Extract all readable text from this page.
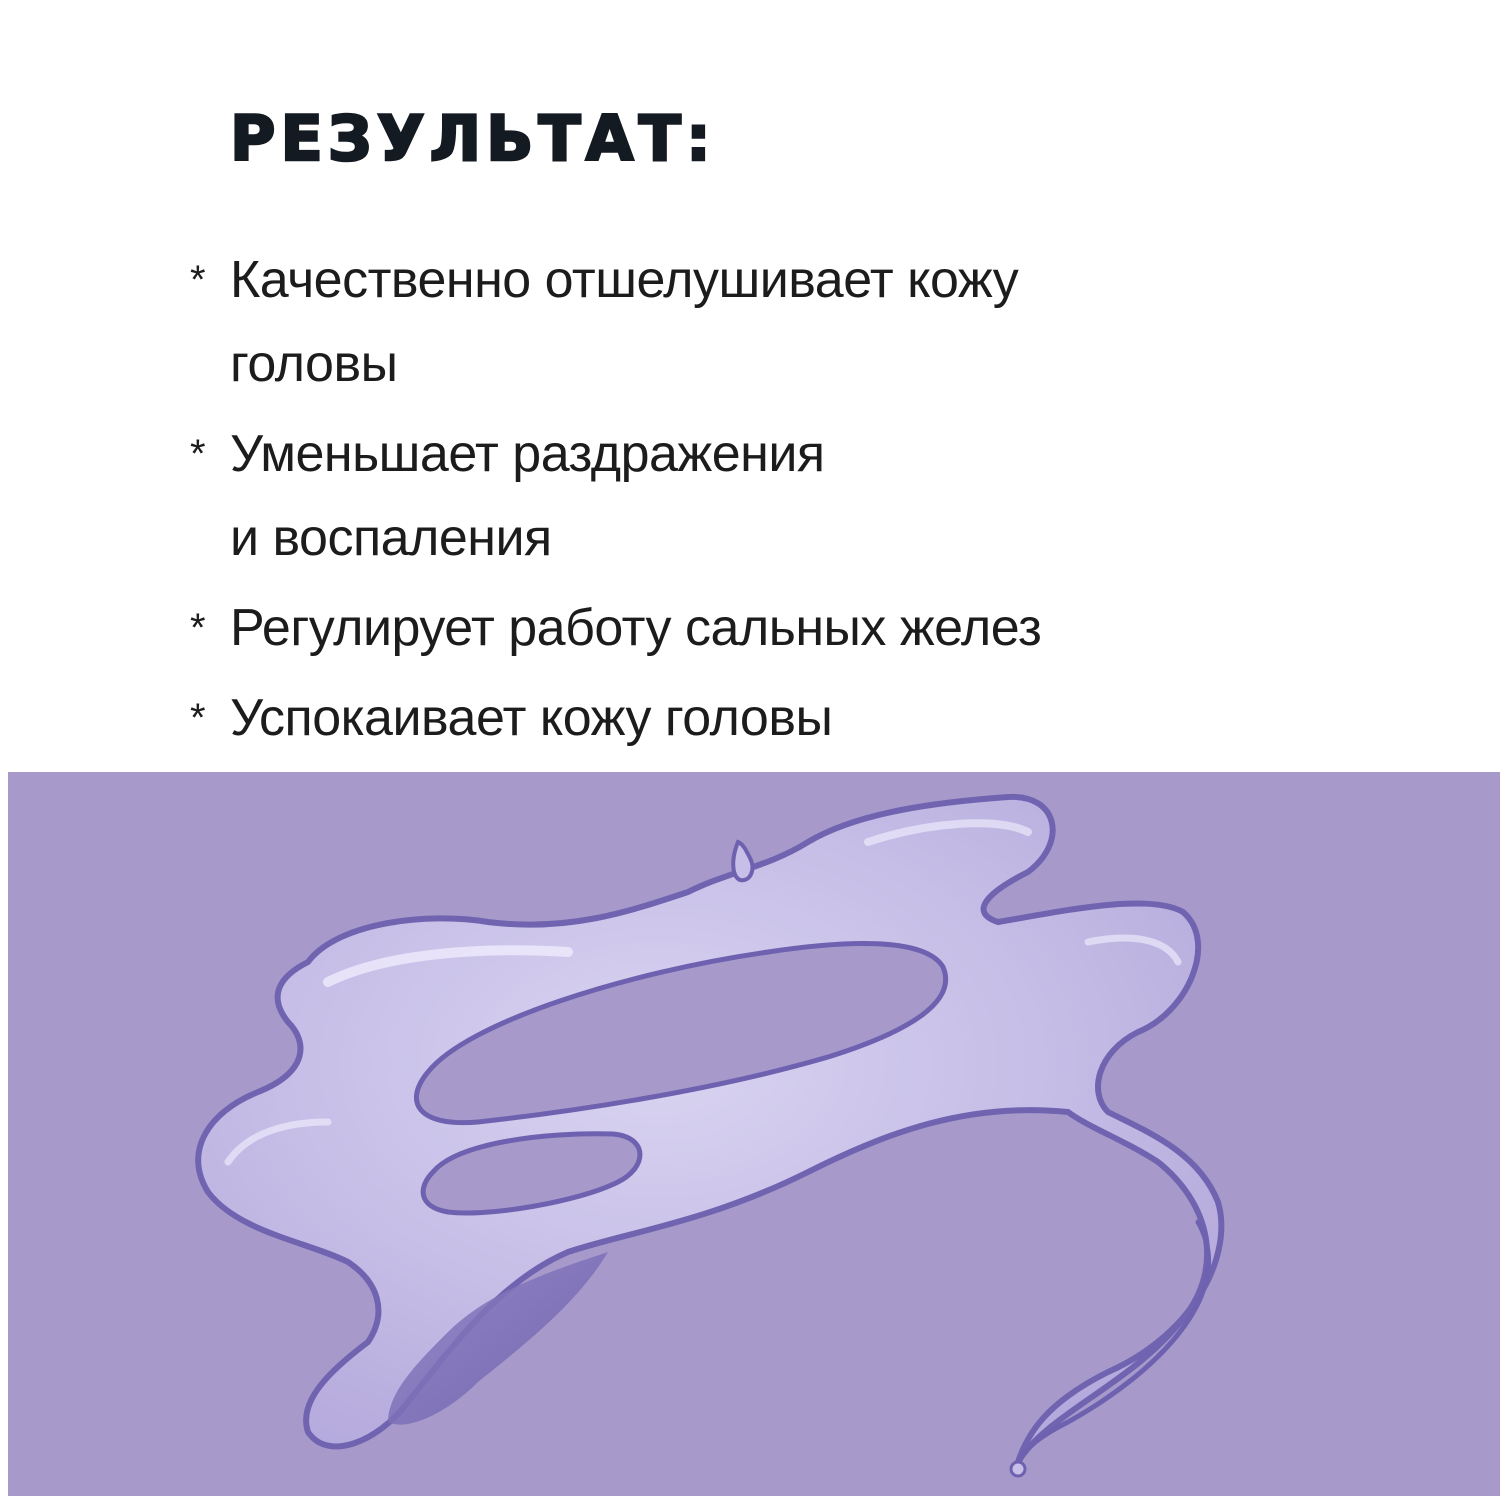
РЕЗУЛЬТАТ:
* Качественно отшелушивает кожу
головы
* Уменьшает раздражения
и воспаления
* Регулирует работу сальных желез
* Успокаивает кожу головы
